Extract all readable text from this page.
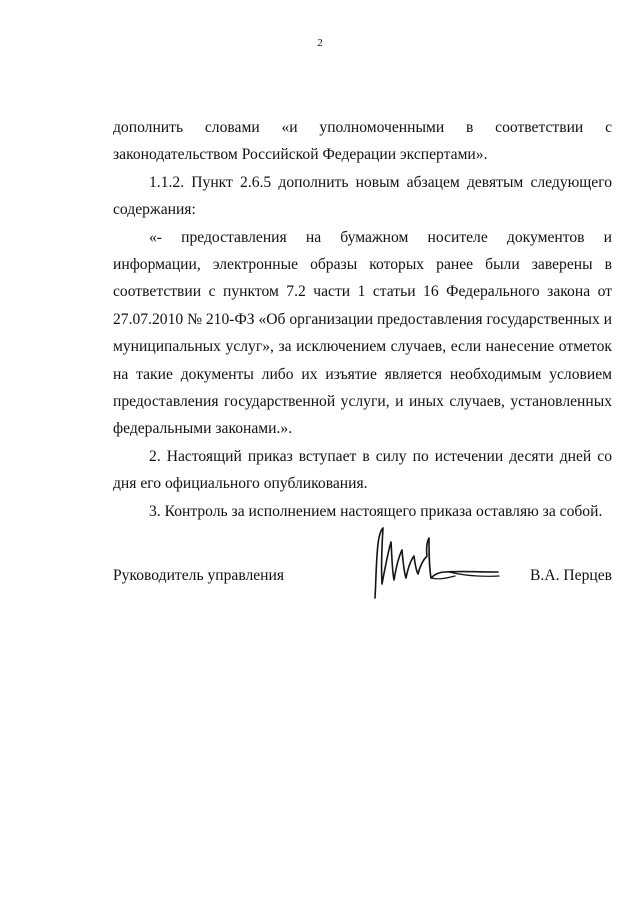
2

дополнить словами «и уполномоченными в соответствии с законодательством Российской Федерации экспертами».

1.1.2. Пункт 2.6.5 дополнить новым абзацем девятым следующего содержания:

«- предоставления на бумажном носителе документов и информации, электронные образы которых ранее были заверены в соответствии с пунктом 7.2 части 1 статьи 16 Федерального закона от 27.07.2010 № 210-ФЗ «Об организации предоставления государственных и муниципальных услуг», за исключением случаев, если нанесение отметок на такие документы либо их изъятие является необходимым условием предоставления государственной услуги, и иных случаев, установленных федеральными законами.».

2. Настоящий приказ вступает в силу по истечении десяти дней со дня его официального опубликования.

3. Контроль за исполнением настоящего приказа оставляю за собой.

Руководитель управления	В.А. Перцев
